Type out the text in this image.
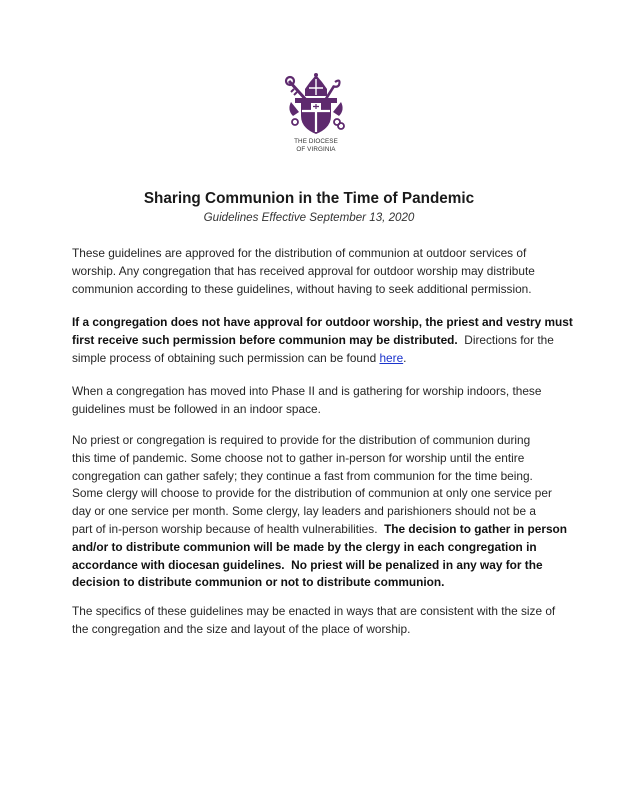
THE DIOCESE
OF VIRGINIA
Sharing Communion in the Time of Pandemic

Guidelines Effective September 13, 2020

These guidelines are approved for the distribution of communion at outdoor services of
worship. Any congregation that has received approval for outdoor worship may distribute
communion according to these guidelines, without having to seek additional permission.

If a congregation does not have approval for outdoor worship, the priest and vestry must
first receive such permission before communion may be distributed.  Directions for the
simple process of obtaining such permission can be found here.

When a congregation has moved into Phase II and is gathering for worship indoors, these
guidelines must be followed in an indoor space.

No priest or congregation is required to provide for the distribution of communion during
this time of pandemic. Some choose not to gather in-person for worship until the entire
congregation can gather safely; they continue a fast from communion for the time being.
Some clergy will choose to provide for the distribution of communion at only one service per
day or one service per month. Some clergy, lay leaders and parishioners should not be a
part of in-person worship because of health vulnerabilities.  The decision to gather in person
and/or to distribute communion will be made by the clergy in each congregation in
accordance with diocesan guidelines.  No priest will be penalized in any way for the
decision to distribute communion or not to distribute communion.

The specifics of these guidelines may be enacted in ways that are consistent with the size of
the congregation and the size and layout of the place of worship.
